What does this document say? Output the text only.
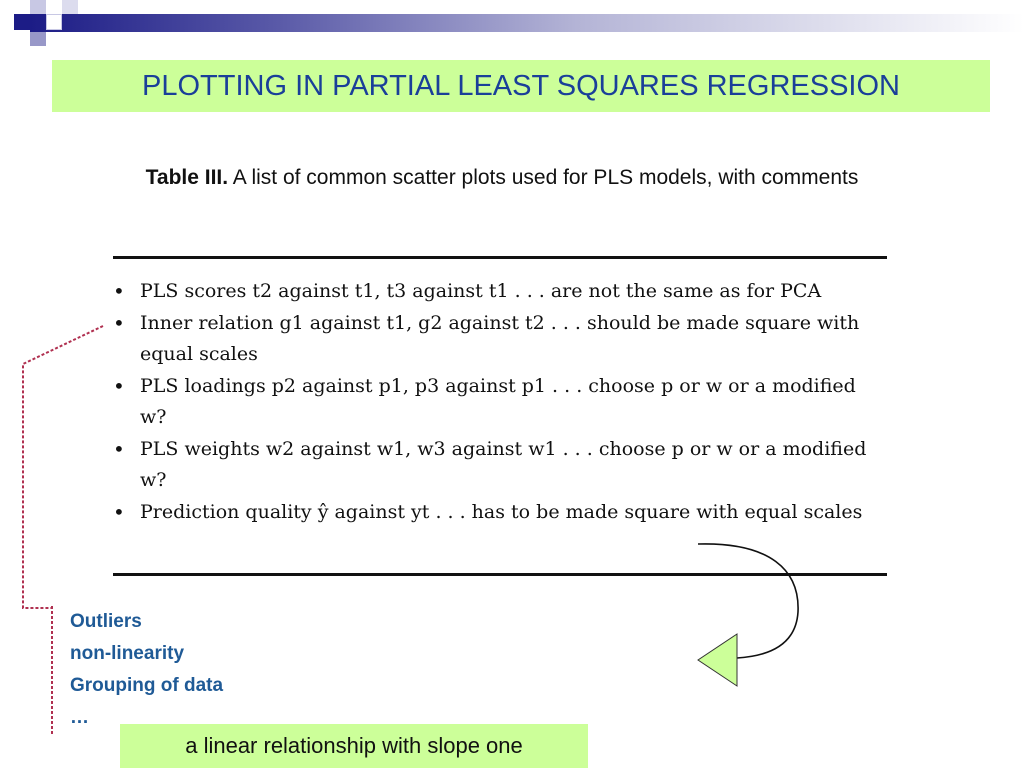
PLOTTING IN PARTIAL LEAST SQUARES REGRESSION
Table III. A list of common scatter plots used for PLS models, with comments
• PLS scores t2 against t1, t3 against t1 . . . are not the same as for PCA
• Inner relation g1 against t1, g2 against t2 . . . should be made square with equal scales
• PLS loadings p2 against p1, p3 against p1 . . . choose p or w or a modified w?
• PLS weights w2 against w1, w3 against w1 . . . choose p or w or a modified w?
• Prediction quality ŷ against yt . . . has to be made square with equal scales
Outliers
non-linearity
Grouping of data
…
a linear relationship with slope one
